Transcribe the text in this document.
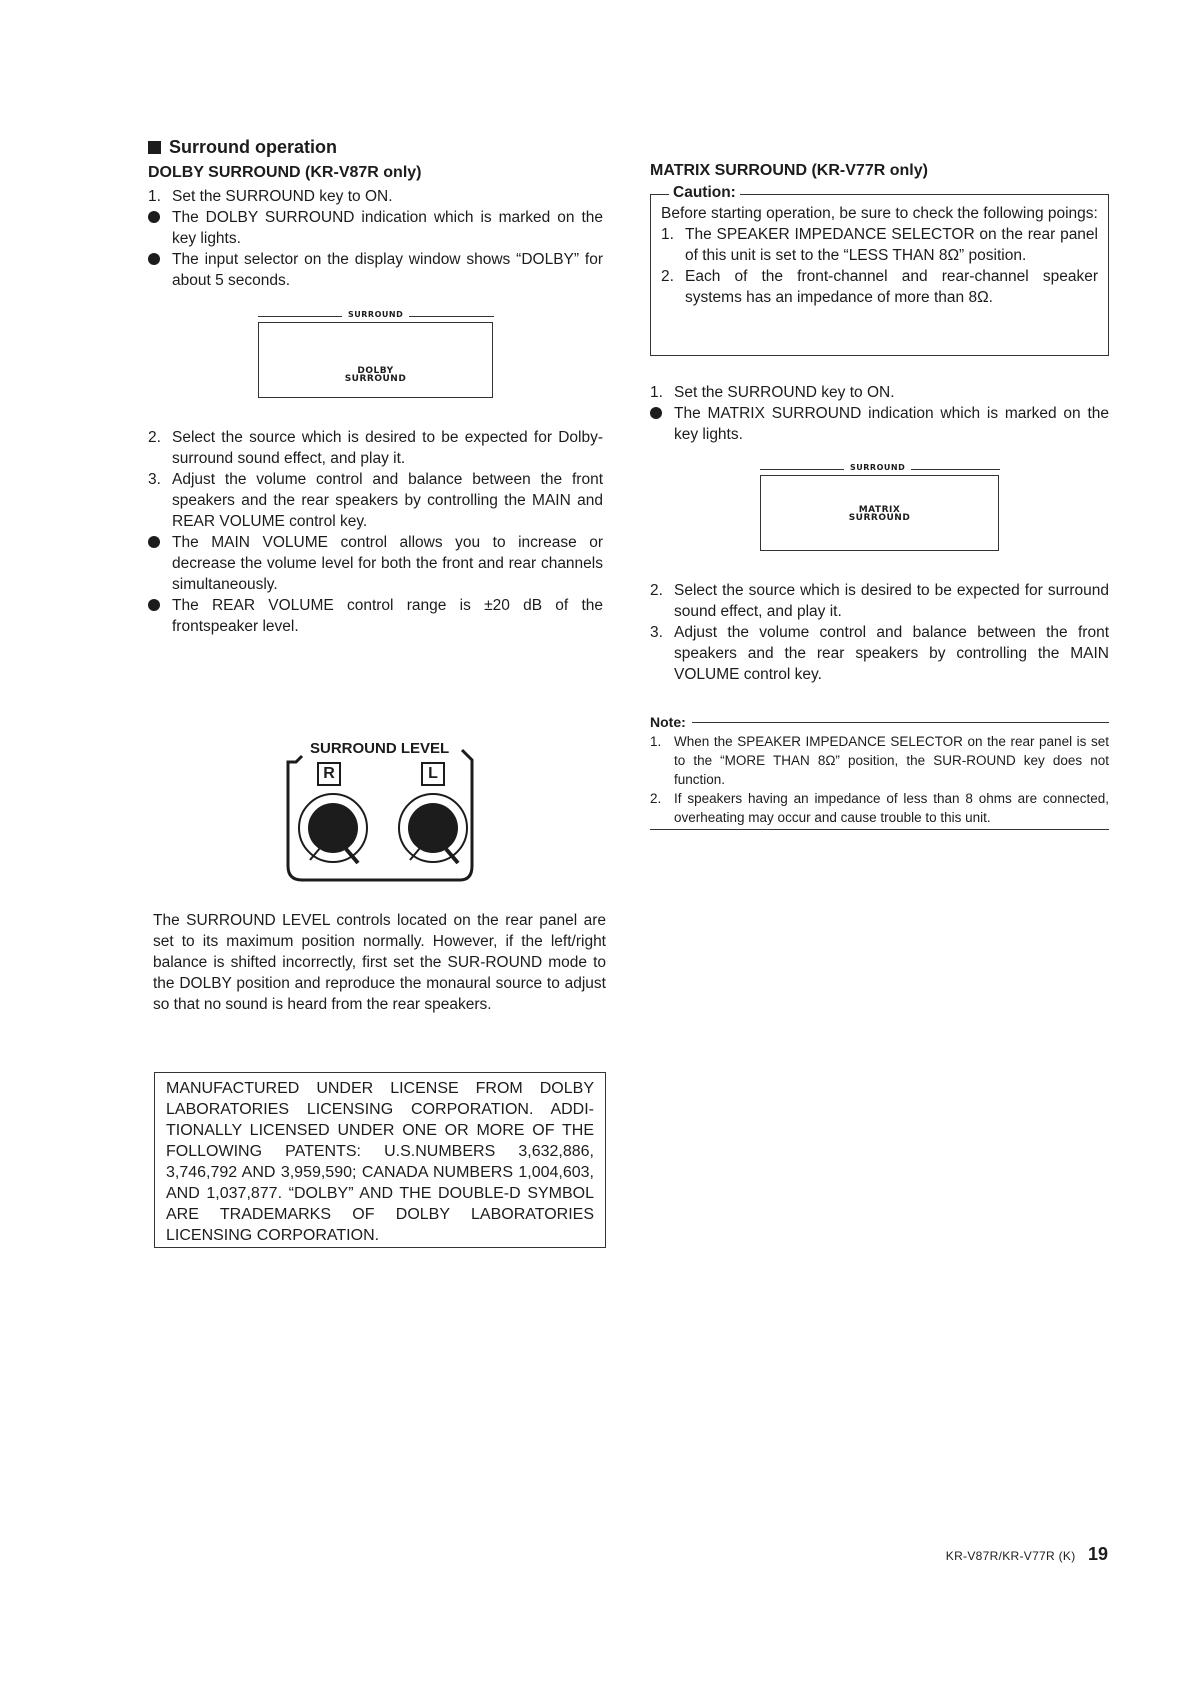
Surround operation
DOLBY SURROUND (KR-V87R only)
1. Set the SURROUND key to ON.
The DOLBY SURROUND indication which is marked on the key lights.
The input selector on the display window shows “DOLBY” for about 5 seconds.
SURROUND
DOLBY
SURROUND
2. Select the source which is desired to be expected for Dolby-surround sound effect, and play it.
3. Adjust the volume control and balance between the front speakers and the rear speakers by controlling the MAIN and REAR VOLUME control key.
The MAIN VOLUME control allows you to increase or decrease the volume level for both the front and rear channels simultaneously.
The REAR VOLUME control range is ±20 dB of the frontspeaker level.
SURROUND LEVEL
R	L

The SURROUND LEVEL controls located on the rear panel are set to its maximum position normally. However, if the left/right balance is shifted incorrectly, first set the SUR-ROUND mode to the DOLBY position and reproduce the monaural source to adjust so that no sound is heard from the rear speakers.

MANUFACTURED UNDER LICENSE FROM DOLBY LABORATORIES LICENSING CORPORATION. ADDI-TIONALLY LICENSED UNDER ONE OR MORE OF THE FOLLOWING PATENTS: U.S.NUMBERS 3,632,886, 3,746,792 AND 3,959,590; CANADA NUMBERS 1,004,603, AND 1,037,877. “DOLBY” AND THE DOUBLE-D SYMBOL ARE TRADEMARKS OF DOLBY LABORATORIES LICENSING CORPORATION.

MATRIX SURROUND (KR-V77R only)
Caution:

Before starting operation, be sure to check the following poings:

1. The SPEAKER IMPEDANCE SELECTOR on the rear panel of this unit is set to the “LESS THAN 8Ω” position.
2. Each of the front-channel and rear-channel speaker systems has an impedance of more than 8Ω.
1. Set the SURROUND key to ON.
The MATRIX SURROUND indication which is marked on the key lights.
SURROUND
MATRIX
SURROUND
2. Select the source which is desired to be expected for surround sound effect, and play it.
3. Adjust the volume control and balance between the front speakers and the rear speakers by controlling the MAIN VOLUME control key.
Note:
1. When the SPEAKER IMPEDANCE SELECTOR on the rear panel is set to the “MORE THAN 8Ω” position, the SUR-ROUND key does not function.
2. If speakers having an impedance of less than 8 ohms are connected, overheating may occur and cause trouble to this unit.
KR-V87R/KR-V77R (K) 19
